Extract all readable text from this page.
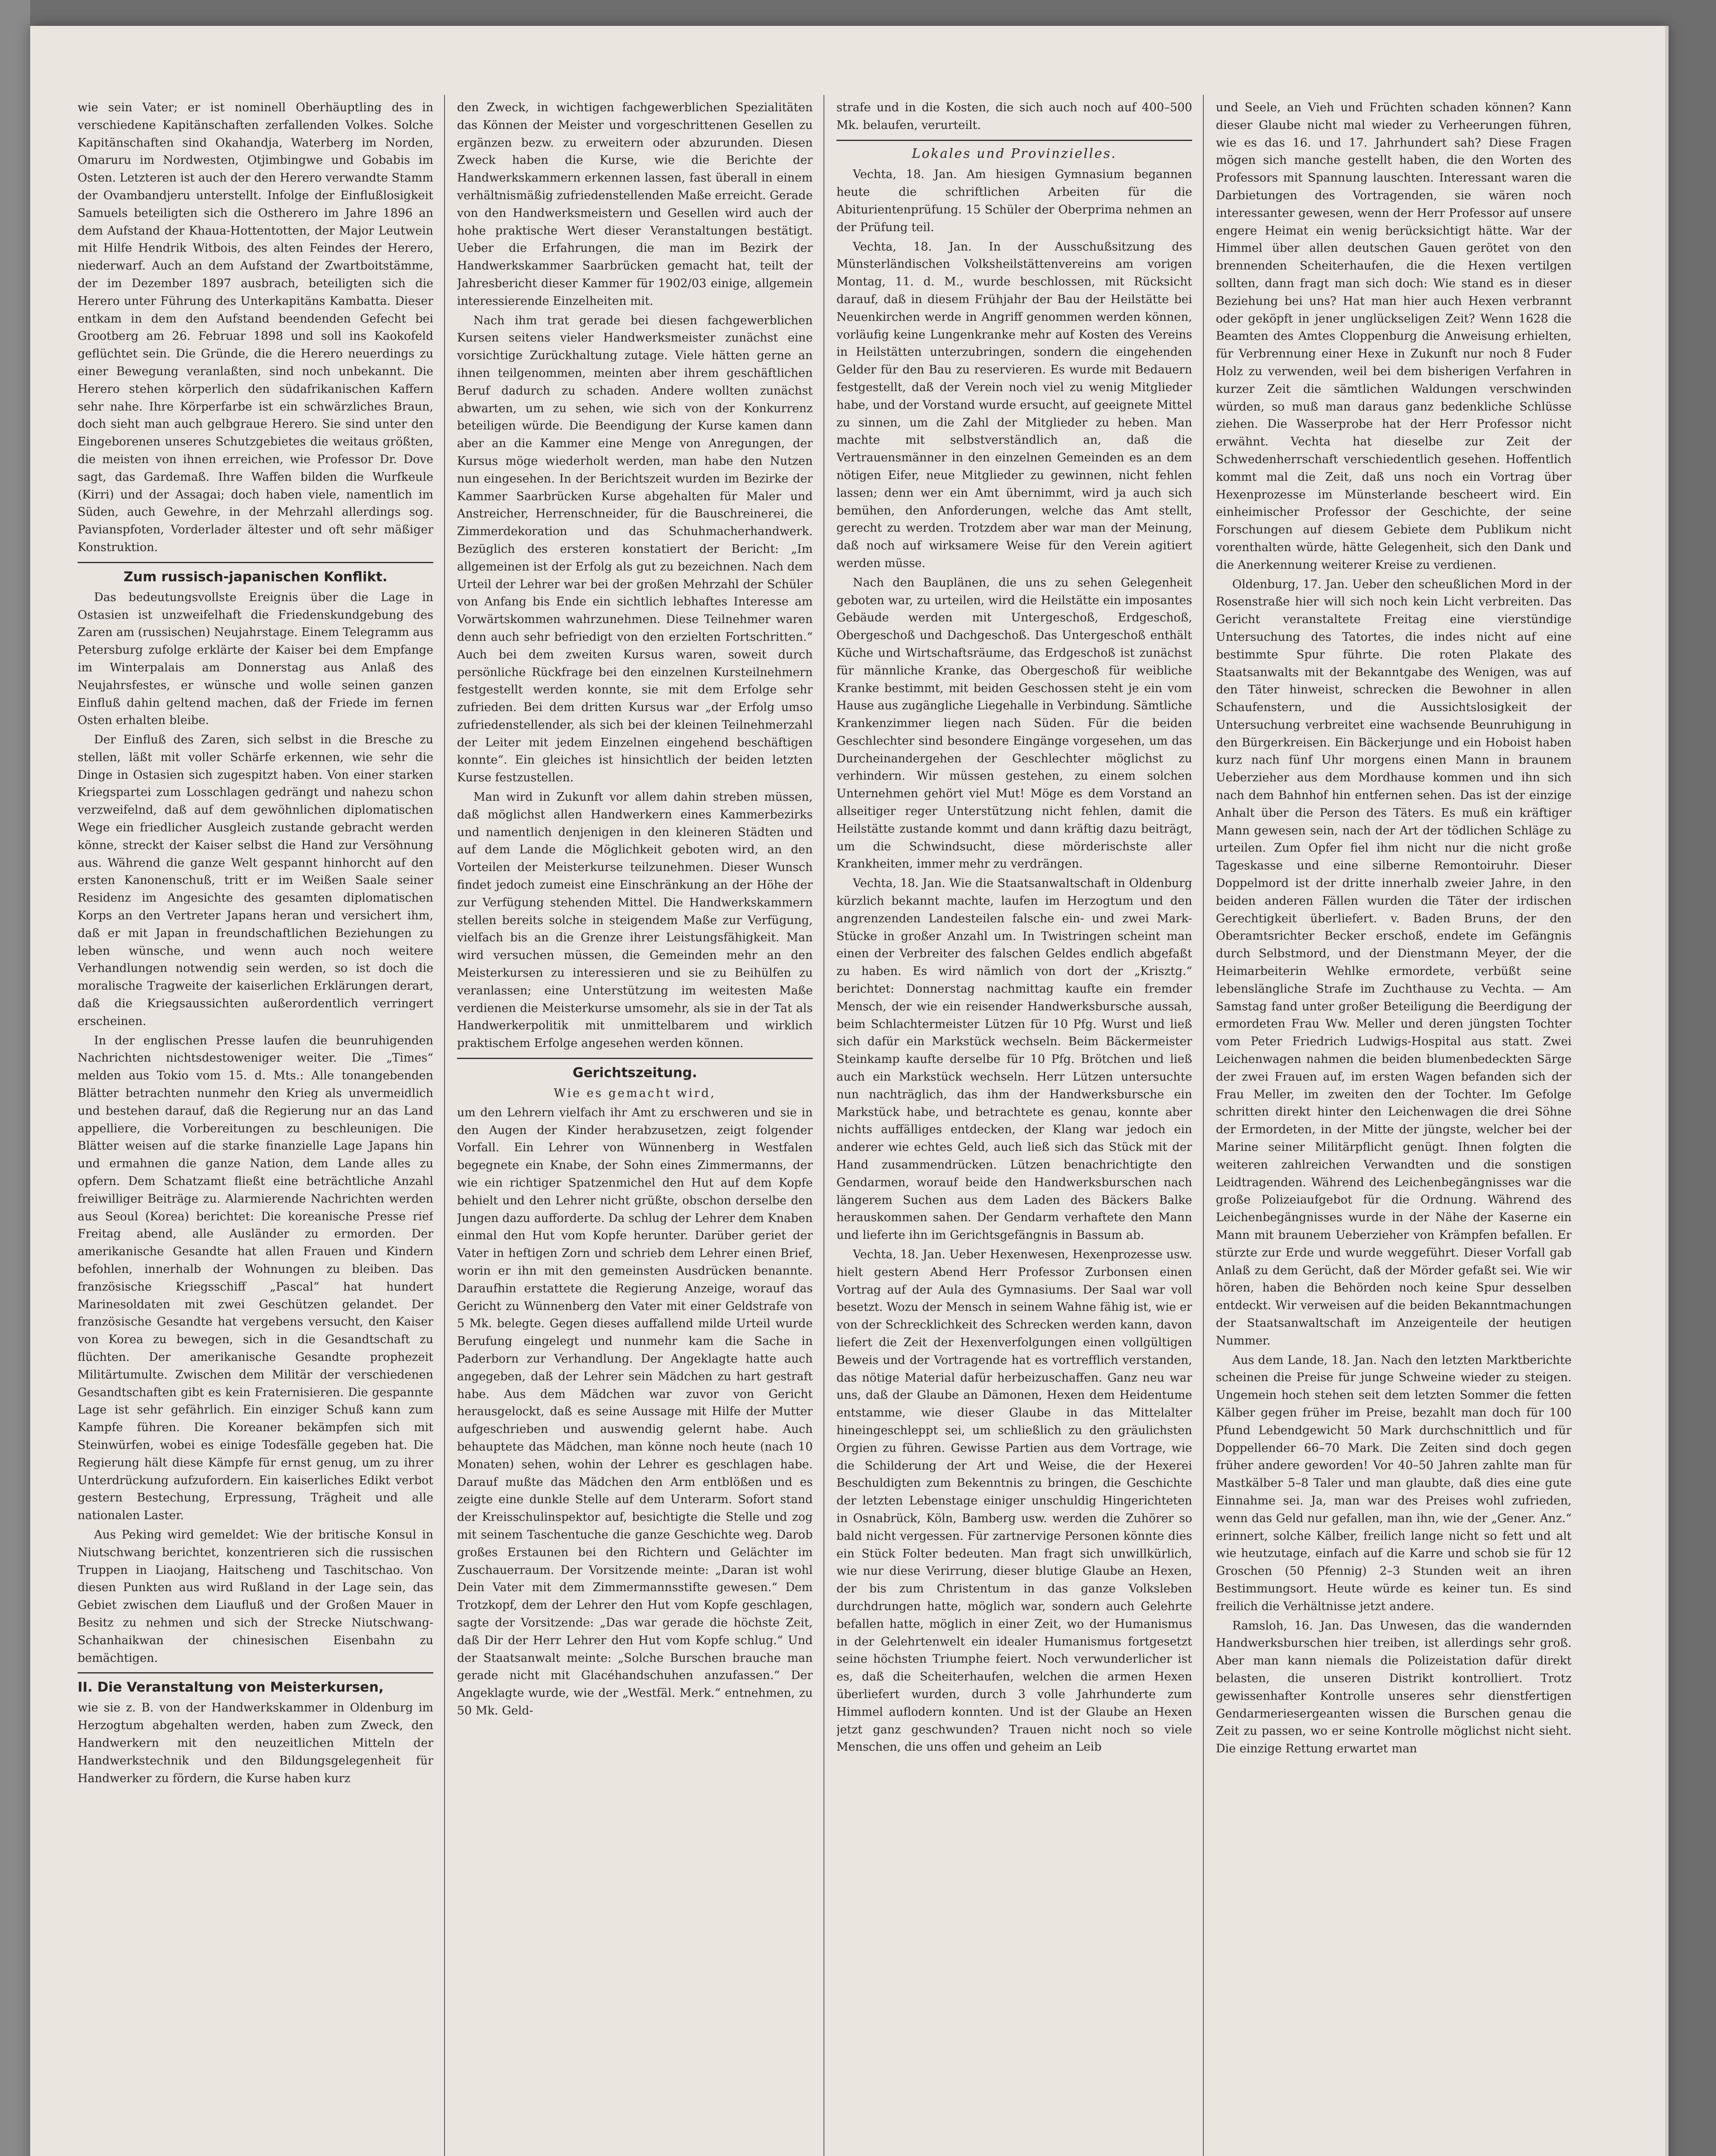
wie sein Vater; er ist nominell Oberhäuptling des in verschiedene Kapitänschaften zerfallenden Volkes. Solche Kapitänschaften sind Okahandja, Waterberg im Norden, Omaruru im Nordwesten, Otjimbingwe und Gobabis im Osten. Letzteren ist auch der den Herero verwandte Stamm der Ovambandjeru unterstellt. Infolge der Einflußlosigkeit Samuels beteiligten sich die Ostherero im Jahre 1896 an dem Aufstand der Khaua-Hottentotten, der Major Leutwein mit Hilfe Hendrik Witbois, des alten Feindes der Herero, niederwarf. Auch an dem Aufstand der Zwartboitstämme, der im Dezember 1897 ausbrach, beteiligten sich die Herero unter Führung des Unterkapitäns Kambatta. Dieser entkam in dem den Aufstand beendenden Gefecht bei Grootberg am 26. Februar 1898 und soll ins Kaokofeld geflüchtet sein. Die Gründe, die die Herero neuerdings zu einer Bewegung veranlaßten, sind noch unbekannt. Die Herero stehen körperlich den südafrikanischen Kaffern sehr nahe. Ihre Körperfarbe ist ein schwärzliches Braun, doch sieht man auch gelbgraue Herero. Sie sind unter den Eingeborenen unseres Schutzgebietes die weitaus größten, die meisten von ihnen erreichen, wie Professor Dr. Dove sagt, das Gardemaß. Ihre Waffen bilden die Wurfkeule (Kirri) und der Assagai; doch haben viele, namentlich im Süden, auch Gewehre, in der Mehrzahl allerdings sog. Pavianspfoten, Vorderlader ältester und oft sehr mäßiger Konstruktion.

Zum russisch-japanischen Konflikt.

Das bedeutungsvollste Ereignis über die Lage in Ostasien ist unzweifelhaft die Friedenskundgebung des Zaren am (russischen) Neujahrstage. Einem Telegramm aus Petersburg zufolge erklärte der Kaiser bei dem Empfange im Winterpalais am Donnerstag aus Anlaß des Neujahrsfestes, er wünsche und wolle seinen ganzen Einfluß dahin geltend machen, daß der Friede im fernen Osten erhalten bleibe.

Der Einfluß des Zaren, sich selbst in die Bresche zu stellen, läßt mit voller Schärfe erkennen, wie sehr die Dinge in Ostasien sich zugespitzt haben. Von einer starken Kriegspartei zum Losschlagen gedrängt und nahezu schon verzweifelnd, daß auf dem gewöhnlichen diplomatischen Wege ein friedlicher Ausgleich zustande gebracht werden könne, streckt der Kaiser selbst die Hand zur Versöhnung aus. Während die ganze Welt gespannt hinhorcht auf den ersten Kanonenschuß, tritt er im Weißen Saale seiner Residenz im Angesichte des gesamten diplomatischen Korps an den Vertreter Japans heran und versichert ihm, daß er mit Japan in freundschaftlichen Beziehungen zu leben wünsche, und wenn auch noch weitere Verhandlungen notwendig sein werden, so ist doch die moralische Tragweite der kaiserlichen Erklärungen derart, daß die Kriegsaussichten außerordentlich verringert erscheinen.

In der englischen Presse laufen die beunruhigenden Nachrichten nichtsdestoweniger weiter. Die „Times“ melden aus Tokio vom 15. d. Mts.: Alle tonangebenden Blätter betrachten nunmehr den Krieg als unvermeidlich und bestehen darauf, daß die Regierung nur an das Land appelliere, die Vorbereitungen zu beschleunigen. Die Blätter weisen auf die starke finanzielle Lage Japans hin und ermahnen die ganze Nation, dem Lande alles zu opfern. Dem Schatzamt fließt eine beträchtliche Anzahl freiwilliger Beiträge zu. Alarmierende Nachrichten werden aus Seoul (Korea) berichtet: Die koreanische Presse rief Freitag abend, alle Ausländer zu ermorden. Der amerikanische Gesandte hat allen Frauen und Kindern befohlen, innerhalb der Wohnungen zu bleiben. Das französische Kriegsschiff „Pascal“ hat hundert Marinesoldaten mit zwei Geschützen gelandet. Der französische Gesandte hat vergebens versucht, den Kaiser von Korea zu bewegen, sich in die Gesandtschaft zu flüchten. Der amerikanische Gesandte prophezeit Militärtumulte. Zwischen dem Militär der verschiedenen Gesandtschaften gibt es kein Fraternisieren. Die gespannte Lage ist sehr gefährlich. Ein einziger Schuß kann zum Kampfe führen. Die Koreaner bekämpfen sich mit Steinwürfen, wobei es einige Todesfälle gegeben hat. Die Regierung hält diese Kämpfe für ernst genug, um zu ihrer Unterdrückung aufzufordern. Ein kaiserliches Edikt verbot gestern Bestechung, Erpressung, Trägheit und alle nationalen Laster.

Aus Peking wird gemeldet: Wie der britische Konsul in Niutschwang berichtet, konzentrieren sich die russischen Truppen in Liaojang, Haitscheng und Taschitschao. Von diesen Punkten aus wird Rußland in der Lage sein, das Gebiet zwischen dem Liaufluß und der Großen Mauer in Besitz zu nehmen und sich der Strecke Niutschwang-Schanhaikwan der chinesischen Eisenbahn zu bemächtigen.

II. Die Veranstaltung von Meisterkursen,

wie sie z. B. von der Handwerkskammer in Oldenburg im Herzogtum abgehalten werden, haben zum Zweck, den Handwerkern mit den neuzeitlichen Mitteln der Handwerkstechnik und den Bildungsgelegenheit für Handwerker zu fördern, die Kurse haben kurz

den Zweck, in wichtigen fachgewerblichen Spezialitäten das Können der Meister und vorgeschrittenen Gesellen zu ergänzen bezw. zu erweitern oder abzurunden. Diesen Zweck haben die Kurse, wie die Berichte der Handwerkskammern erkennen lassen, fast überall in einem verhältnismäßig zufriedenstellenden Maße erreicht. Gerade von den Handwerksmeistern und Gesellen wird auch der hohe praktische Wert dieser Veranstaltungen bestätigt. Ueber die Erfahrungen, die man im Bezirk der Handwerkskammer Saarbrücken gemacht hat, teilt der Jahresbericht dieser Kammer für 1902/03 einige, allgemein interessierende Einzelheiten mit.

Nach ihm trat gerade bei diesen fachgewerblichen Kursen seitens vieler Handwerksmeister zunächst eine vorsichtige Zurückhaltung zutage. Viele hätten gerne an ihnen teilgenommen, meinten aber ihrem geschäftlichen Beruf dadurch zu schaden. Andere wollten zunächst abwarten, um zu sehen, wie sich von der Konkurrenz beteiligen würde. Die Beendigung der Kurse kamen dann aber an die Kammer eine Menge von Anregungen, der Kursus möge wiederholt werden, man habe den Nutzen nun eingesehen. In der Berichtszeit wurden im Bezirke der Kammer Saarbrücken Kurse abgehalten für Maler und Anstreicher, Herrenschneider, für die Bauschreinerei, die Zimmerdekoration und das Schuhmacherhandwerk. Bezüglich des ersteren konstatiert der Bericht: „Im allgemeinen ist der Erfolg als gut zu bezeichnen. Nach dem Urteil der Lehrer war bei der großen Mehrzahl der Schüler von Anfang bis Ende ein sichtlich lebhaftes Interesse am Vorwärtskommen wahrzunehmen. Diese Teilnehmer waren denn auch sehr befriedigt von den erzielten Fortschritten.“ Auch bei dem zweiten Kursus waren, soweit durch persönliche Rückfrage bei den einzelnen Kursteilnehmern festgestellt werden konnte, sie mit dem Erfolge sehr zufrieden. Bei dem dritten Kursus war „der Erfolg umso zufriedenstellender, als sich bei der kleinen Teilnehmerzahl der Leiter mit jedem Einzelnen eingehend beschäftigen konnte“. Ein gleiches ist hinsichtlich der beiden letzten Kurse festzustellen.

Man wird in Zukunft vor allem dahin streben müssen, daß möglichst allen Handwerkern eines Kammerbezirks und namentlich denjenigen in den kleineren Städten und auf dem Lande die Möglichkeit geboten wird, an den Vorteilen der Meisterkurse teilzunehmen. Dieser Wunsch findet jedoch zumeist eine Einschränkung an der Höhe der zur Verfügung stehenden Mittel. Die Handwerkskammern stellen bereits solche in steigendem Maße zur Verfügung, vielfach bis an die Grenze ihrer Leistungsfähigkeit. Man wird versuchen müssen, die Gemeinden mehr an den Meisterkursen zu interessieren und sie zu Beihülfen zu veranlassen; eine Unterstützung im weitesten Maße verdienen die Meisterkurse umsomehr, als sie in der Tat als Handwerkerpolitik mit unmittelbarem und wirklich praktischem Erfolge angesehen werden können.

Gerichtszeitung.

Wie es gemacht wird,

um den Lehrern vielfach ihr Amt zu erschweren und sie in den Augen der Kinder herabzusetzen, zeigt folgender Vorfall. Ein Lehrer von Wünnenberg in Westfalen begegnete ein Knabe, der Sohn eines Zimmermanns, der wie ein richtiger Spatzenmichel den Hut auf dem Kopfe behielt und den Lehrer nicht grüßte, obschon derselbe den Jungen dazu aufforderte. Da schlug der Lehrer dem Knaben einmal den Hut vom Kopfe herunter. Darüber geriet der Vater in heftigen Zorn und schrieb dem Lehrer einen Brief, worin er ihn mit den gemeinsten Ausdrücken benannte. Daraufhin erstattete die Regierung Anzeige, worauf das Gericht zu Wünnenberg den Vater mit einer Geldstrafe von 5 Mk. belegte. Gegen dieses auffallend milde Urteil wurde Berufung eingelegt und nunmehr kam die Sache in Paderborn zur Verhandlung. Der Angeklagte hatte auch angegeben, daß der Lehrer sein Mädchen zu hart gestraft habe. Aus dem Mädchen war zuvor von Gericht herausgelockt, daß es seine Aussage mit Hilfe der Mutter aufgeschrieben und auswendig gelernt habe. Auch behauptete das Mädchen, man könne noch heute (nach 10 Monaten) sehen, wohin der Lehrer es geschlagen habe. Darauf mußte das Mädchen den Arm entblößen und es zeigte eine dunkle Stelle auf dem Unterarm. Sofort stand der Kreisschulinspektor auf, besichtigte die Stelle und zog mit seinem Taschentuche die ganze Geschichte weg. Darob großes Erstaunen bei den Richtern und Gelächter im Zuschauerraum. Der Vorsitzende meinte: „Daran ist wohl Dein Vater mit dem Zimmermannsstifte gewesen.“ Dem Trotzkopf, dem der Lehrer den Hut vom Kopfe geschlagen, sagte der Vorsitzende: „Das war gerade die höchste Zeit, daß Dir der Herr Lehrer den Hut vom Kopfe schlug.“ Und der Staatsanwalt meinte: „Solche Burschen brauche man gerade nicht mit Glacéhandschuhen anzufassen.“ Der Angeklagte wurde, wie der „Westfäl. Merk.“ entnehmen, zu 50 Mk. Geld-

strafe und in die Kosten, die sich auch noch auf 400–500 Mk. belaufen, verurteilt.

Lokales und Provinzielles.

Vechta, 18. Jan. Am hiesigen Gymnasium begannen heute die schriftlichen Arbeiten für die Abiturientenprüfung. 15 Schüler der Oberprima nehmen an der Prüfung teil.

Vechta, 18. Jan. In der Ausschußsitzung des Münsterländischen Volksheilstättenvereins am vorigen Montag, 11. d. M., wurde beschlossen, mit Rücksicht darauf, daß in diesem Frühjahr der Bau der Heilstätte bei Neuenkirchen werde in Angriff genommen werden können, vorläufig keine Lungenkranke mehr auf Kosten des Vereins in Heilstätten unterzubringen, sondern die eingehenden Gelder für den Bau zu reservieren. Es wurde mit Bedauern festgestellt, daß der Verein noch viel zu wenig Mitglieder habe, und der Vorstand wurde ersucht, auf geeignete Mittel zu sinnen, um die Zahl der Mitglieder zu heben. Man machte mit selbstverständlich an, daß die Vertrauensmänner in den einzelnen Gemeinden es an dem nötigen Eifer, neue Mitglieder zu gewinnen, nicht fehlen lassen; denn wer ein Amt übernimmt, wird ja auch sich bemühen, den Anforderungen, welche das Amt stellt, gerecht zu werden. Trotzdem aber war man der Meinung, daß noch auf wirksamere Weise für den Verein agitiert werden müsse.

Nach den Bauplänen, die uns zu sehen Gelegenheit geboten war, zu urteilen, wird die Heilstätte ein imposantes Gebäude werden mit Untergeschoß, Erdgeschoß, Obergeschoß und Dachgeschoß. Das Untergeschoß enthält Küche und Wirtschaftsräume, das Erdgeschoß ist zunächst für männliche Kranke, das Obergeschoß für weibliche Kranke bestimmt, mit beiden Geschossen steht je ein vom Hause aus zugängliche Liegehalle in Verbindung. Sämtliche Krankenzimmer liegen nach Süden. Für die beiden Geschlechter sind besondere Eingänge vorgesehen, um das Durcheinandergehen der Geschlechter möglichst zu verhindern. Wir müssen gestehen, zu einem solchen Unternehmen gehört viel Mut! Möge es dem Vorstand an allseitiger reger Unterstützung nicht fehlen, damit die Heilstätte zustande kommt und dann kräftig dazu beiträgt, um die Schwindsucht, diese mörderischste aller Krankheiten, immer mehr zu verdrängen.

Vechta, 18. Jan. Wie die Staatsanwaltschaft in Oldenburg kürzlich bekannt machte, laufen im Herzogtum und den angrenzenden Landesteilen falsche ein- und zwei Mark-Stücke in großer Anzahl um. In Twistringen scheint man einen der Verbreiter des falschen Geldes endlich abgefaßt zu haben. Es wird nämlich von dort der „Krisztg.“ berichtet: Donnerstag nachmittag kaufte ein fremder Mensch, der wie ein reisender Handwerksbursche aussah, beim Schlachtermeister Lützen für 10 Pfg. Wurst und ließ sich dafür ein Markstück wechseln. Beim Bäckermeister Steinkamp kaufte derselbe für 10 Pfg. Brötchen und ließ auch ein Markstück wechseln. Herr Lützen untersuchte nun nachträglich, das ihm der Handwerksbursche ein Markstück habe, und betrachtete es genau, konnte aber nichts auffälliges entdecken, der Klang war jedoch ein anderer wie echtes Geld, auch ließ sich das Stück mit der Hand zusammendrücken. Lützen benachrichtigte den Gendarmen, worauf beide den Handwerksburschen nach längerem Suchen aus dem Laden des Bäckers Balke herauskommen sahen. Der Gendarm verhaftete den Mann und lieferte ihn im Gerichtsgefängnis in Bassum ab.

Vechta, 18. Jan. Ueber Hexenwesen, Hexenprozesse usw. hielt gestern Abend Herr Professor Zurbonsen einen Vortrag auf der Aula des Gymnasiums. Der Saal war voll besetzt. Wozu der Mensch in seinem Wahne fähig ist, wie er von der Schrecklichkeit des Schrecken werden kann, davon liefert die Zeit der Hexenverfolgungen einen vollgültigen Beweis und der Vortragende hat es vortrefflich verstanden, das nötige Material dafür herbeizuschaffen. Ganz neu war uns, daß der Glaube an Dämonen, Hexen dem Heidentume entstamme, wie dieser Glaube in das Mittelalter hineingeschleppt sei, um schließlich zu den gräulichsten Orgien zu führen. Gewisse Partien aus dem Vortrage, wie die Schilderung der Art und Weise, die der Hexerei Beschuldigten zum Bekenntnis zu bringen, die Geschichte der letzten Lebenstage einiger unschuldig Hingerichteten in Osnabrück, Köln, Bamberg usw. werden die Zuhörer so bald nicht vergessen. Für zartnervige Personen könnte dies ein Stück Folter bedeuten. Man fragt sich unwillkürlich, wie nur diese Verirrung, dieser blutige Glaube an Hexen, der bis zum Christentum in das ganze Volksleben durchdrungen hatte, möglich war, sondern auch Gelehrte befallen hatte, möglich in einer Zeit, wo der Humanismus in der Gelehrtenwelt ein idealer Humanismus fortgesetzt seine höchsten Triumphe feiert. Noch verwunderlicher ist es, daß die Scheiterhaufen, welchen die armen Hexen überliefert wurden, durch 3 volle Jahrhunderte zum Himmel auflodern konnten. Und ist der Glaube an Hexen jetzt ganz geschwunden? Trauen nicht noch so viele Menschen, die uns offen und geheim an Leib

und Seele, an Vieh und Früchten schaden können? Kann dieser Glaube nicht mal wieder zu Verheerungen führen, wie es das 16. und 17. Jahrhundert sah? Diese Fragen mögen sich manche gestellt haben, die den Worten des Professors mit Spannung lauschten. Interessant waren die Darbietungen des Vortragenden, sie wären noch interessanter gewesen, wenn der Herr Professor auf unsere engere Heimat ein wenig berücksichtigt hätte. War der Himmel über allen deutschen Gauen gerötet von den brennenden Scheiterhaufen, die die Hexen vertilgen sollten, dann fragt man sich doch: Wie stand es in dieser Beziehung bei uns? Hat man hier auch Hexen verbrannt oder geköpft in jener unglückseligen Zeit? Wenn 1628 die Beamten des Amtes Cloppenburg die Anweisung erhielten, für Verbrennung einer Hexe in Zukunft nur noch 8 Fuder Holz zu verwenden, weil bei dem bisherigen Verfahren in kurzer Zeit die sämtlichen Waldungen verschwinden würden, so muß man daraus ganz bedenkliche Schlüsse ziehen. Die Wasserprobe hat der Herr Professor nicht erwähnt. Vechta hat dieselbe zur Zeit der Schwedenherrschaft verschiedentlich gesehen. Hoffentlich kommt mal die Zeit, daß uns noch ein Vortrag über Hexenprozesse im Münsterlande bescheert wird. Ein einheimischer Professor der Geschichte, der seine Forschungen auf diesem Gebiete dem Publikum nicht vorenthalten würde, hätte Gelegenheit, sich den Dank und die Anerkennung weiterer Kreise zu verdienen.

Oldenburg, 17. Jan. Ueber den scheußlichen Mord in der Rosenstraße hier will sich noch kein Licht verbreiten. Das Gericht veranstaltete Freitag eine vierstündige Untersuchung des Tatortes, die indes nicht auf eine bestimmte Spur führte. Die roten Plakate des Staatsanwalts mit der Bekanntgabe des Wenigen, was auf den Täter hinweist, schrecken die Bewohner in allen Schaufenstern, und die Aussichtslosigkeit der Untersuchung verbreitet eine wachsende Beunruhigung in den Bürgerkreisen. Ein Bäckerjunge und ein Hoboist haben kurz nach fünf Uhr morgens einen Mann in braunem Ueberzieher aus dem Mordhause kommen und ihn sich nach dem Bahnhof hin entfernen sehen. Das ist der einzige Anhalt über die Person des Täters. Es muß ein kräftiger Mann gewesen sein, nach der Art der tödlichen Schläge zu urteilen. Zum Opfer fiel ihm nicht nur die nicht große Tageskasse und eine silberne Remontoiruhr. Dieser Doppelmord ist der dritte innerhalb zweier Jahre, in den beiden anderen Fällen wurden die Täter der irdischen Gerechtigkeit überliefert. v. Baden Bruns, der den Oberamtsrichter Becker erschoß, endete im Gefängnis durch Selbstmord, und der Dienstmann Meyer, der die Heimarbeiterin Wehlke ermordete, verbüßt seine lebenslängliche Strafe im Zuchthause zu Vechta. — Am Samstag fand unter großer Beteiligung die Beerdigung der ermordeten Frau Ww. Meller und deren jüngsten Tochter vom Peter Friedrich Ludwigs-Hospital aus statt. Zwei Leichenwagen nahmen die beiden blumenbedeckten Särge der zwei Frauen auf, im ersten Wagen befanden sich der Frau Meller, im zweiten den der Tochter. Im Gefolge schritten direkt hinter den Leichenwagen die drei Söhne der Ermordeten, in der Mitte der jüngste, welcher bei der Marine seiner Militärpflicht genügt. Ihnen folgten die weiteren zahlreichen Verwandten und die sonstigen Leidtragenden. Während des Leichenbegängnisses war die große Polizeiaufgebot für die Ordnung. Während des Leichenbegängnisses wurde in der Nähe der Kaserne ein Mann mit braunem Ueberzieher von Krämpfen befallen. Er stürzte zur Erde und wurde weggeführt. Dieser Vorfall gab Anlaß zu dem Gerücht, daß der Mörder gefaßt sei. Wie wir hören, haben die Behörden noch keine Spur desselben entdeckt. Wir verweisen auf die beiden Bekanntmachungen der Staatsanwaltschaft im Anzeigenteile der heutigen Nummer.

Aus dem Lande, 18. Jan. Nach den letzten Marktberichte scheinen die Preise für junge Schweine wieder zu steigen. Ungemein hoch stehen seit dem letzten Sommer die fetten Kälber gegen früher im Preise, bezahlt man doch für 100 Pfund Lebendgewicht 50 Mark durchschnittlich und für Doppellender 66–70 Mark. Die Zeiten sind doch gegen früher andere geworden! Vor 40–50 Jahren zahlte man für Mastkälber 5–8 Taler und man glaubte, daß dies eine gute Einnahme sei. Ja, man war des Preises wohl zufrieden, wenn das Geld nur gefallen, man ihn, wie der „Gener. Anz.“ erinnert, solche Kälber, freilich lange nicht so fett und alt wie heutzutage, einfach auf die Karre und schob sie für 12 Groschen (50 Pfennig) 2–3 Stunden weit an ihren Bestimmungsort. Heute würde es keiner tun. Es sind freilich die Verhältnisse jetzt andere.

Ramsloh, 16. Jan. Das Unwesen, das die wandernden Handwerksburschen hier treiben, ist allerdings sehr groß. Aber man kann niemals die Polizeistation dafür direkt belasten, die unseren Distrikt kontrolliert. Trotz gewissenhafter Kontrolle unseres sehr dienstfertigen Gendarmeriesergeanten wissen die Burschen genau die Zeit zu passen, wo er seine Kontrolle möglichst nicht sieht. Die einzige Rettung erwartet man
